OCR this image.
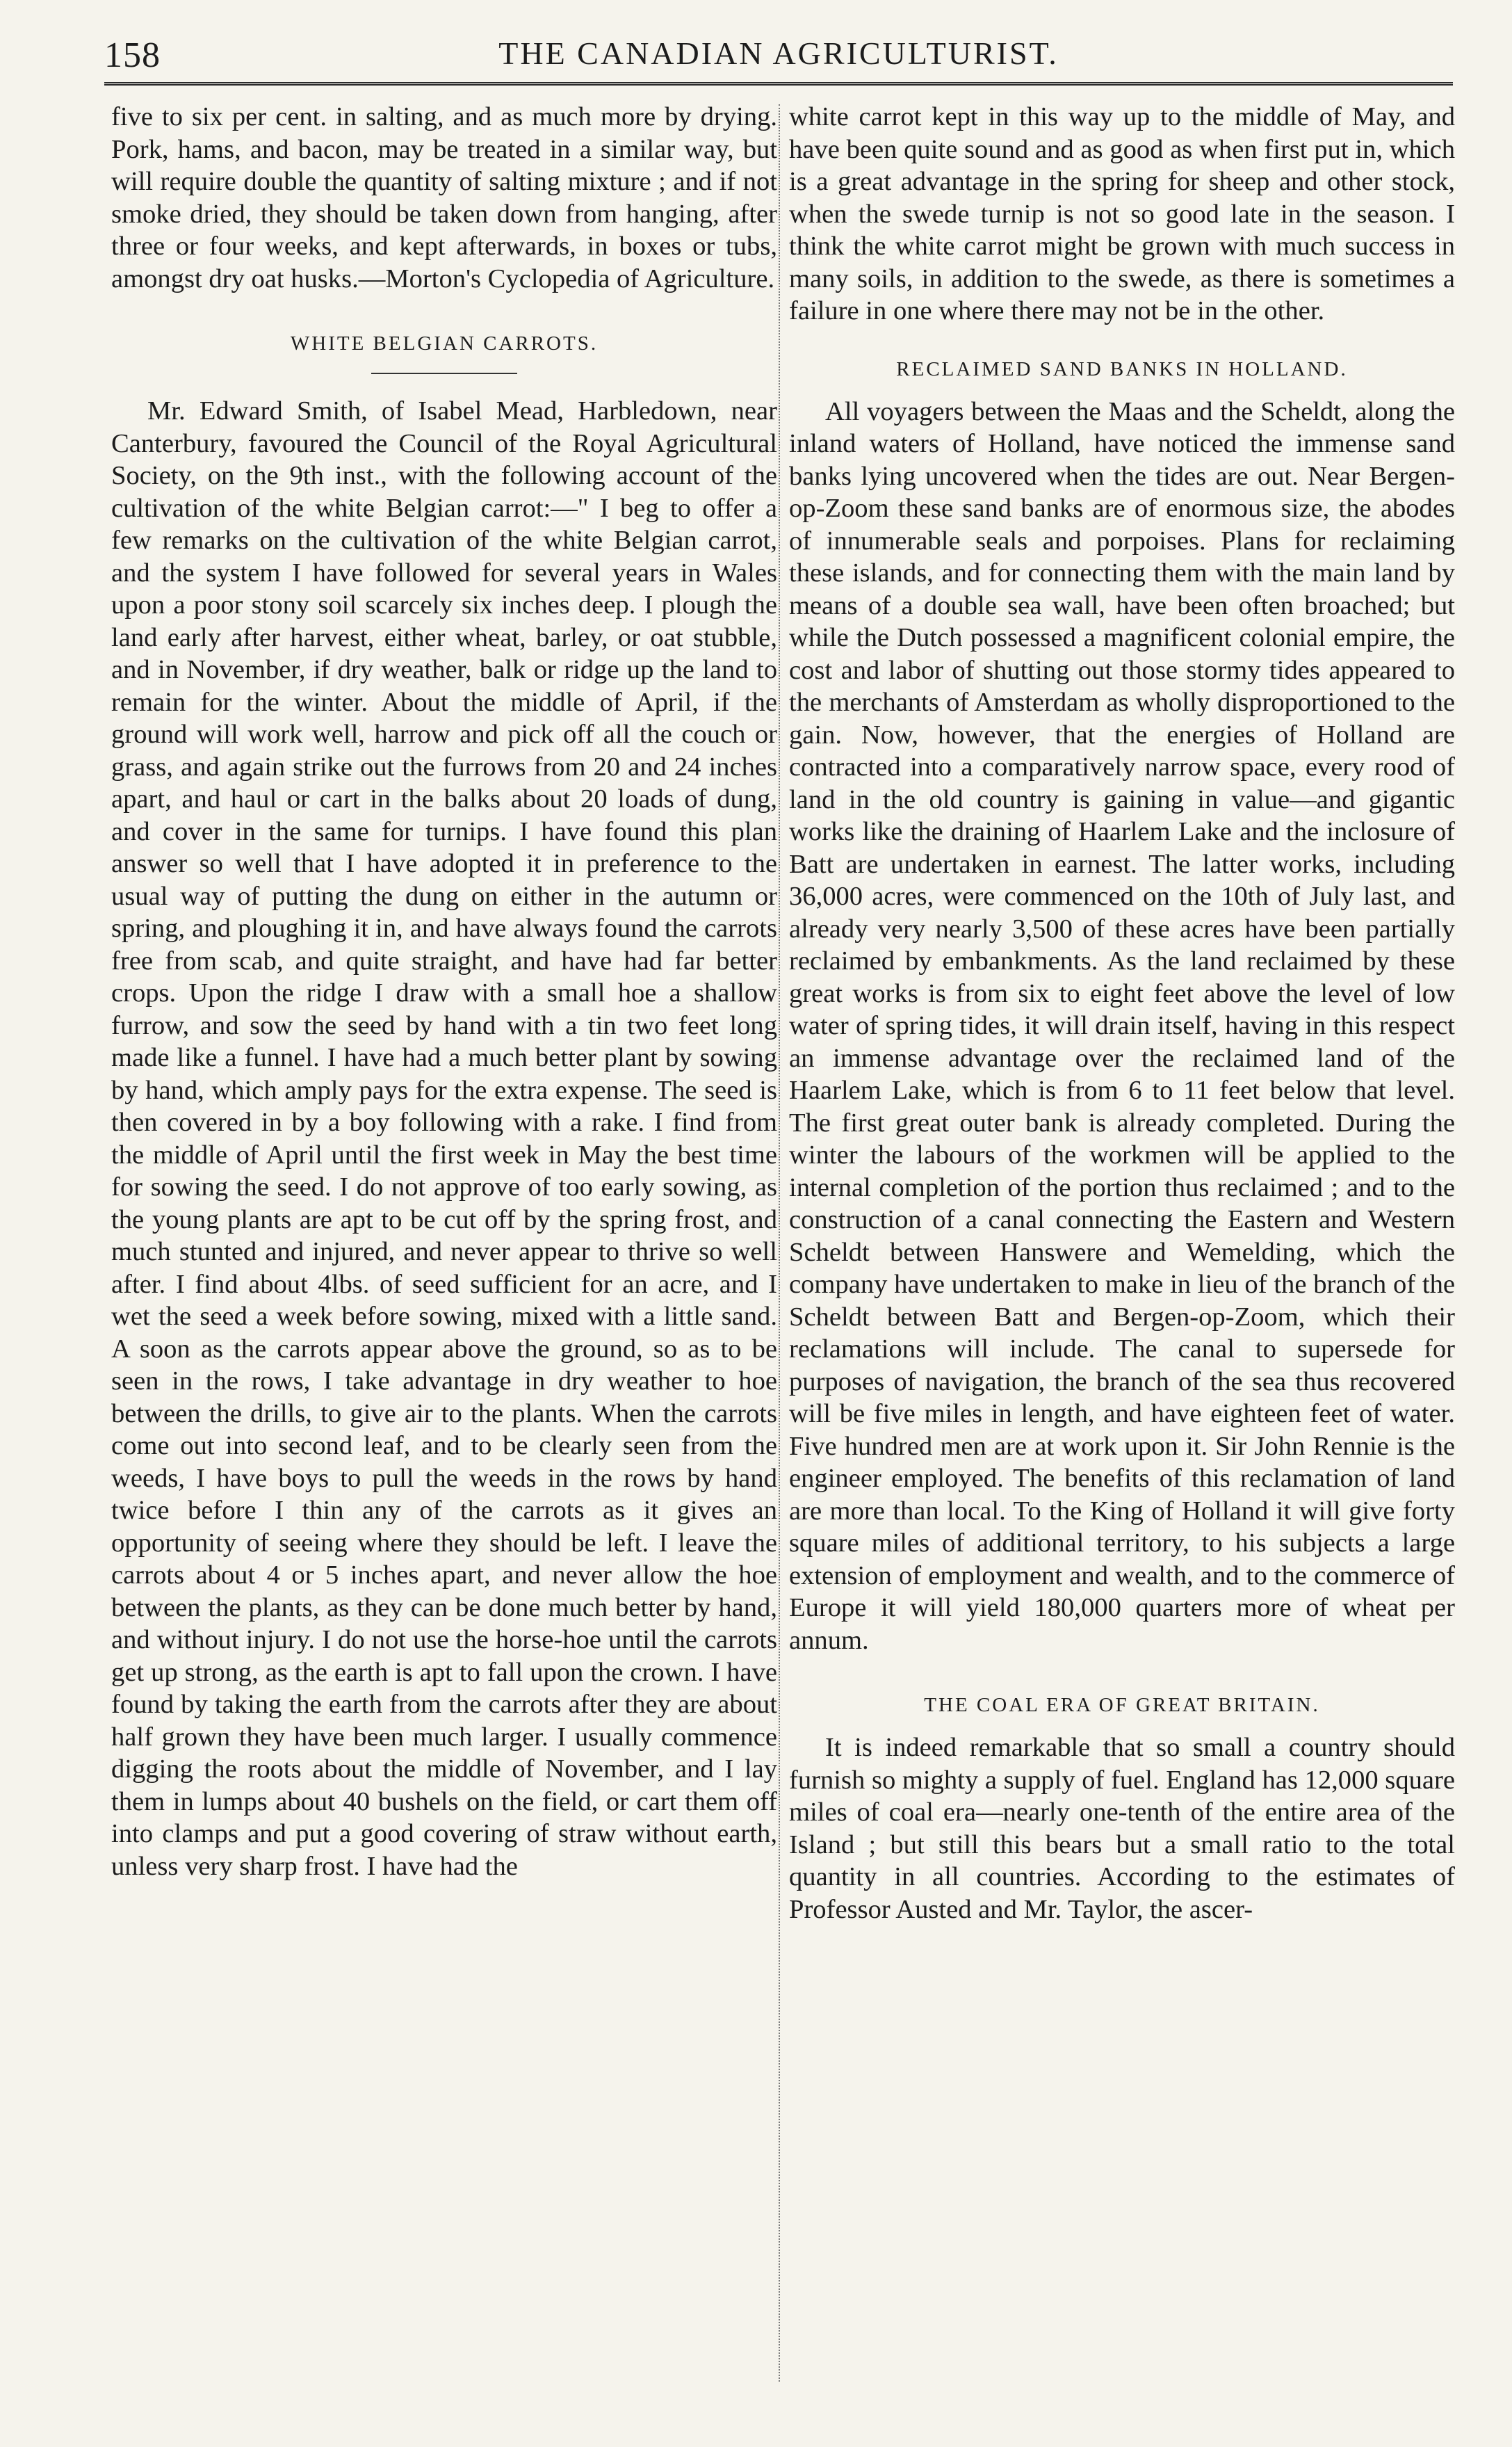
158	THE CANADIAN AGRICULTURIST.

five to six per cent. in salting, and as much more by drying. Pork, hams, and bacon, may be treated in a similar way, but will require double the quantity of salting mixture ; and if not smoke dried, they should be taken down from hanging, after three or four weeks, and kept afterwards, in boxes or tubs, amongst dry oat husks.—Morton's Cyclopedia of Agriculture.

WHITE BELGIAN CARROTS.

Mr. Edward Smith, of Isabel Mead, Harbledown, near Canterbury, favoured the Council of the Royal Agricultural Society, on the 9th inst., with the following account of the cultivation of the white Belgian carrot:—" I beg to offer a few remarks on the cultivation of the white Belgian carrot, and the system I have followed for several years in Wales upon a poor stony soil scarcely six inches deep. I plough the land early after harvest, either wheat, barley, or oat stubble, and in November, if dry weather, balk or ridge up the land to remain for the winter. About the middle of April, if the ground will work well, harrow and pick off all the couch or grass, and again strike out the furrows from 20 and 24 inches apart, and haul or cart in the balks about 20 loads of dung, and cover in the same for turnips. I have found this plan answer so well that I have adopted it in preference to the usual way of putting the dung on either in the autumn or spring, and ploughing it in, and have always found the carrots free from scab, and quite straight, and have had far better crops. Upon the ridge I draw with a small hoe a shallow furrow, and sow the seed by hand with a tin two feet long made like a funnel. I have had a much better plant by sowing by hand, which amply pays for the extra expense. The seed is then covered in by a boy following with a rake. I find from the middle of April until the first week in May the best time for sowing the seed. I do not approve of too early sowing, as the young plants are apt to be cut off by the spring frost, and much stunted and injured, and never appear to thrive so well after. I find about 4lbs. of seed sufficient for an acre, and I wet the seed a week before sowing, mixed with a little sand. A soon as the carrots appear above the ground, so as to be seen in the rows, I take advantage in dry weather to hoe between the drills, to give air to the plants. When the carrots come out into second leaf, and to be clearly seen from the weeds, I have boys to pull the weeds in the rows by hand twice before I thin any of the carrots as it gives an opportunity of seeing where they should be left. I leave the carrots about 4 or 5 inches apart, and never allow the hoe between the plants, as they can be done much better by hand, and without injury. I do not use the horse-hoe until the carrots get up strong, as the earth is apt to fall upon the crown. I have found by taking the earth from the carrots after they are about half grown they have been much larger. I usually commence digging the roots about the middle of November, and I lay them in lumps about 40 bushels on the field, or cart them off into clamps and put a good covering of straw without earth, unless very sharp frost. I have had the

white carrot kept in this way up to the middle of May, and have been quite sound and as good as when first put in, which is a great advantage in the spring for sheep and other stock, when the swede turnip is not so good late in the season. I think the white carrot might be grown with much success in many soils, in addition to the swede, as there is sometimes a failure in one where there may not be in the other.

RECLAIMED SAND BANKS IN HOLLAND.

All voyagers between the Maas and the Scheldt, along the inland waters of Holland, have noticed the immense sand banks lying uncovered when the tides are out. Near Bergen-op-Zoom these sand banks are of enormous size, the abodes of innumerable seals and porpoises. Plans for reclaiming these islands, and for connecting them with the main land by means of a double sea wall, have been often broached; but while the Dutch possessed a magnificent colonial empire, the cost and labor of shutting out those stormy tides appeared to the merchants of Amsterdam as wholly disproportioned to the gain. Now, however, that the energies of Holland are contracted into a comparatively narrow space, every rood of land in the old country is gaining in value—and gigantic works like the draining of Haarlem Lake and the inclosure of Batt are undertaken in earnest. The latter works, including 36,000 acres, were commenced on the 10th of July last, and already very nearly 3,500 of these acres have been partially reclaimed by embankments. As the land reclaimed by these great works is from six to eight feet above the level of low water of spring tides, it will drain itself, having in this respect an immense advantage over the reclaimed land of the Haarlem Lake, which is from 6 to 11 feet below that level. The first great outer bank is already completed. During the winter the labours of the workmen will be applied to the internal completion of the portion thus reclaimed ; and to the construction of a canal connecting the Eastern and Western Scheldt between Hanswere and Wemelding, which the company have undertaken to make in lieu of the branch of the Scheldt between Batt and Bergen-op-Zoom, which their reclamations will include. The canal to supersede for purposes of navigation, the branch of the sea thus recovered will be five miles in length, and have eighteen feet of water. Five hundred men are at work upon it. Sir John Rennie is the engineer employed. The benefits of this reclamation of land are more than local. To the King of Holland it will give forty square miles of additional territory, to his subjects a large extension of employment and wealth, and to the commerce of Europe it will yield 180,000 quarters more of wheat per annum.

THE COAL ERA OF GREAT BRITAIN.

It is indeed remarkable that so small a country should furnish so mighty a supply of fuel. England has 12,000 square miles of coal era—nearly one-tenth of the entire area of the Island ; but still this bears but a small ratio to the total quantity in all countries. According to the estimates of Professor Austed and Mr. Taylor, the ascer-
